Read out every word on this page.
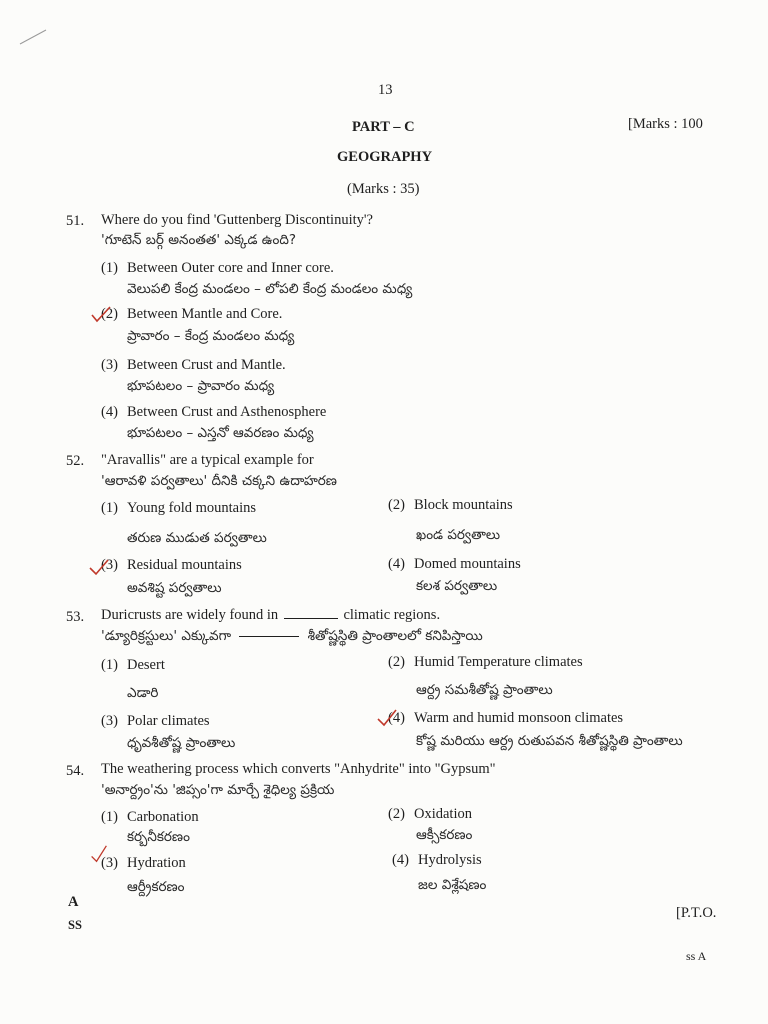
13
PART – C	[Marks : 100
GEOGRAPHY
(Marks : 35)
51. Where do you find 'Guttenberg Discontinuity'?
'గూటెన్ బర్గ్ అనంతత' ఎక్కడ ఉంది?
(1) Between Outer core and Inner core.
వెలుపలి కేంద్ర మండలం – లోపలి కేంద్ర మండలం మధ్య
(2) Between Mantle and Core.
ప్రావారం – కేంద్ర మండలం మధ్య
(3) Between Crust and Mantle.
భూపటలం – ప్రావారం మధ్య
(4) Between Crust and Asthenosphere
భూపటలం – ఎస్తనో ఆవరణం మధ్య
52. "Aravallis" are a typical example for
'ఆరావళి పర్వతాలు' దీనికి చక్కని ఉదాహరణ
(1) Young fold mountains
తరుణ ముడుత పర్వతాలు
(2) Block mountains
ఖండ పర్వతాలు
(3) Residual mountains
అవశిష్ట పర్వతాలు
(4) Domed mountains
కలశ పర్వతాలు
53. Duricrusts are widely found in	climatic regions.
'డ్యూరిక్రస్టులు' ఎక్కువగా	శీతోష్ణస్థితి ప్రాంతాలలో కనిపిస్తాయి
(1) Desert
ఎడారి
(2) Humid Temperature climates
ఆర్ద్ర సమశీతోష్ణ ప్రాంతాలు
(3) Polar climates
ధృవశీతోష్ణ ప్రాంతాలు
(4) Warm and humid monsoon climates
కోష్ణ మరియు ఆర్ద్ర రుతుపవన శీతోష్ణస్థితి ప్రాంతాలు
54. The weathering process which converts "Anhydrite" into "Gypsum"
'అనార్ద్రం'ను 'జిప్సం'గా మార్చే శైధిల్య ప్రక్రియ
(1) Carbonation
కర్బనీకరణం
(2) Oxidation
ఆక్సీకరణం
(3) Hydration
ఆర్ద్రీకరణం
(4) Hydrolysis
జల విశ్లేషణం
A
SS
[P.T.O.
ss A
